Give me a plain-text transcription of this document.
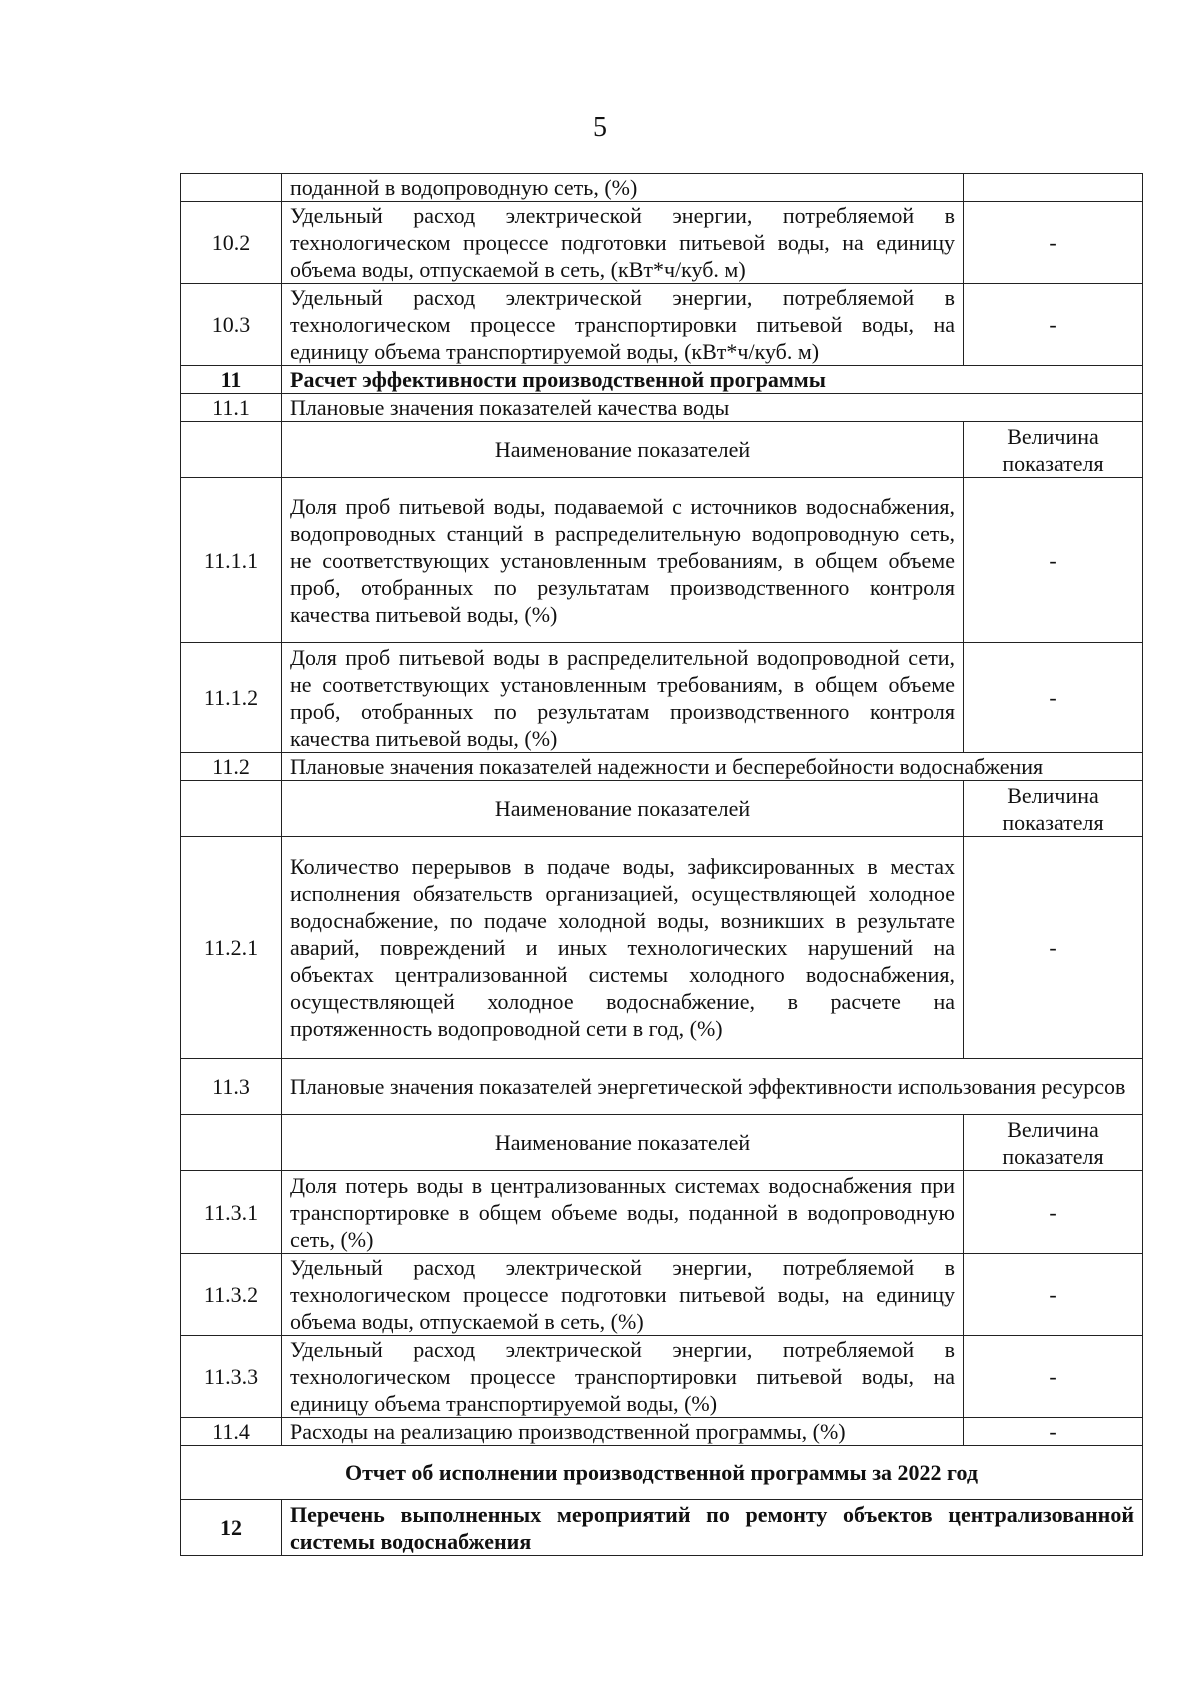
5
	поданной в водопроводную сеть, (%)	
10.2	Удельный расход электрической энергии, потребляемой в технологическом процессе подготовки питьевой воды, на единицу объема воды, отпускаемой в сеть, (кВт*ч/куб. м)	-
10.3	Удельный расход электрической энергии, потребляемой в технологическом процессе транспортировки питьевой воды, на единицу объема транспортируемой воды, (кВт*ч/куб. м)	-
11	Расчет эффективности производственной программы	
11.1	Плановые значения показателей качества воды	
	Наименование показателей	Величина показателя
11.1.1	Доля проб питьевой воды, подаваемой с источников водоснабжения, водопроводных станций в распределительную водопроводную сеть, не соответствующих установленным требованиям, в общем объеме проб, отобранных по результатам производственного контроля качества питьевой воды, (%)	-
11.1.2	Доля проб питьевой воды в распределительной водопроводной сети, не соответствующих установленным требованиям, в общем объеме проб, отобранных по результатам производственного контроля качества питьевой воды, (%)	-
11.2	Плановые значения показателей надежности и бесперебойности водоснабжения	
	Наименование показателей	Величина показателя
11.2.1	Количество перерывов в подаче воды, зафиксированных в местах исполнения обязательств организацией, осуществляющей холодное водоснабжение, по подаче холодной воды, возникших в результате аварий, повреждений и иных технологических нарушений на объектах централизованной системы холодного водоснабжения, осуществляющей холодное водоснабжение, в расчете на протяженность водопроводной сети в год, (%)	-
11.3	Плановые значения показателей энергетической эффективности использования ресурсов	
	Наименование показателей	Величина показателя
11.3.1	Доля потерь воды в централизованных системах водоснабжения при транспортировке в общем объеме воды, поданной в водопроводную сеть, (%)	-
11.3.2	Удельный расход электрической энергии, потребляемой в технологическом процессе подготовки питьевой воды, на единицу объема воды, отпускаемой в сеть, (%)	-
11.3.3	Удельный расход электрической энергии, потребляемой в технологическом процессе транспортировки питьевой воды, на единицу объема транспортируемой воды, (%)	-
11.4	Расходы на реализацию производственной программы, (%)	-
Отчет об исполнении производственной программы за 2022 год		
12	Перечень выполненных мероприятий по ремонту объектов централизованной системы водоснабжения	
